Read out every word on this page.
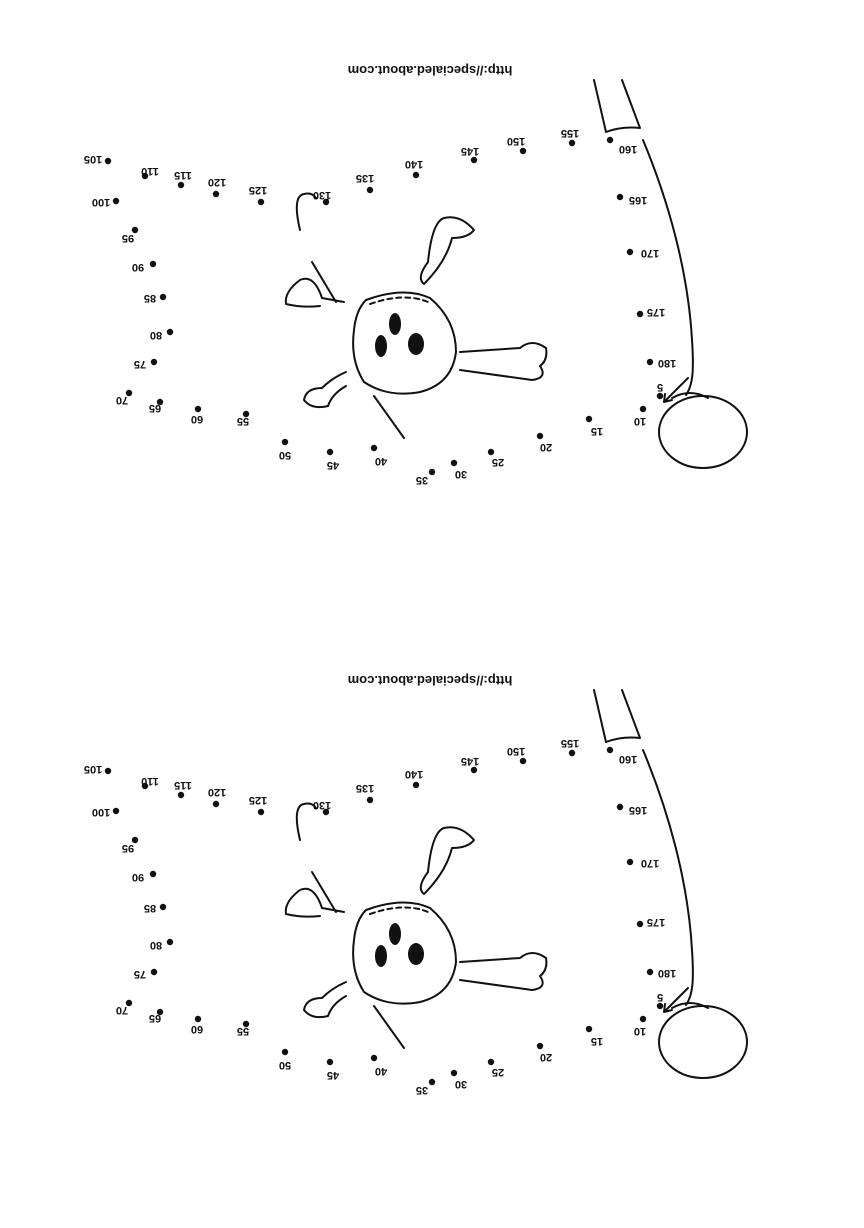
http://specialed.about.com
5
10
15
20
25
30
35
40
45
50
55
60
65
70
75
80
85
90
95
100
105
110 115
120
125	130
135
140
145
150
155
160
165
170
175
180
http://specialed.about.com
5
10
15
20
25
30
35
40
45
50
55
60
65
70
75
80
85
90
95
100
105
110 115
120
125	130
135
140
145
150
155
160
165
170
175
180
